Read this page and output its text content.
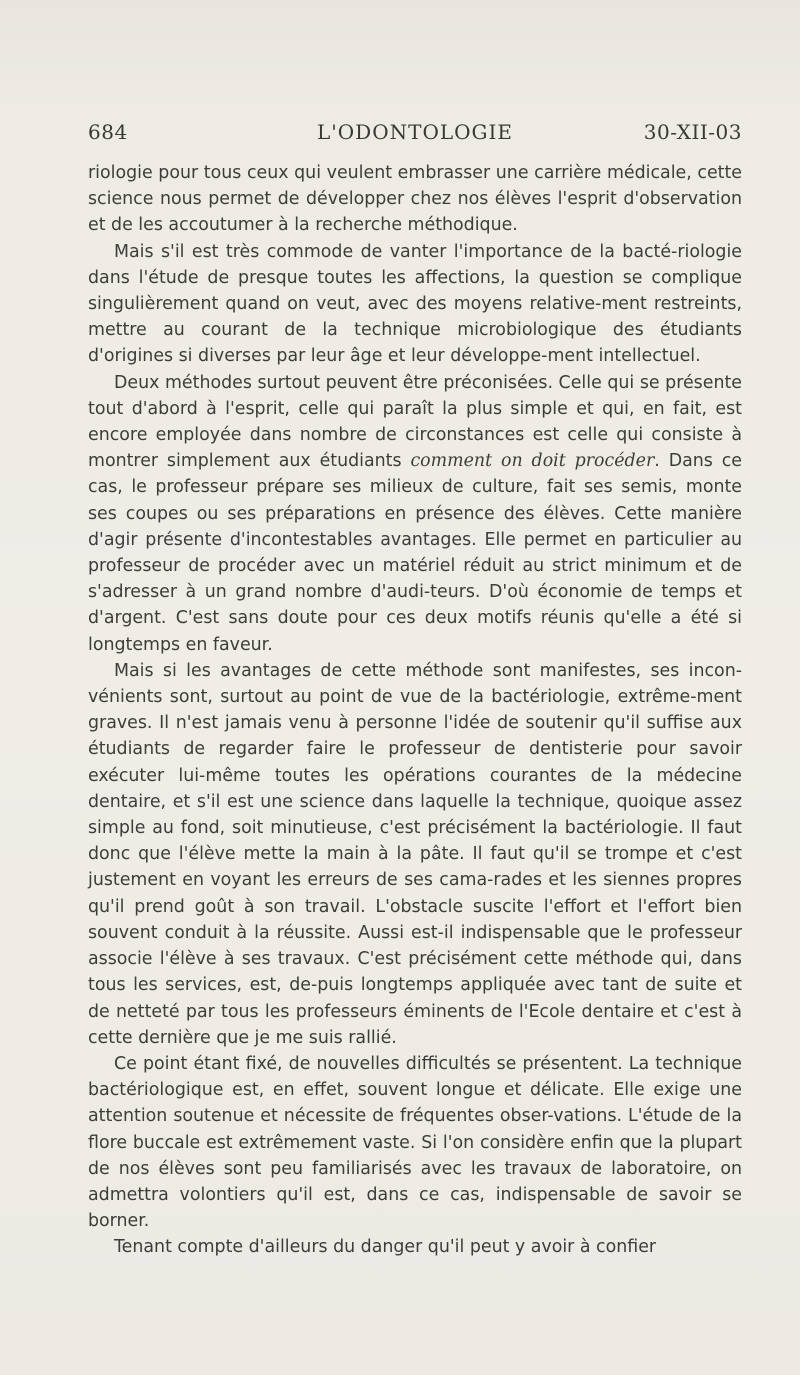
684	L'ODONTOLOGIE	30-XII-03

riologie pour tous ceux qui veulent embrasser une carrière médicale, cette science nous permet de développer chez nos élèves l'esprit d'observation et de les accoutumer à la recherche méthodique.

Mais s'il est très commode de vanter l'importance de la bacté-riologie dans l'étude de presque toutes les affections, la question se complique singulièrement quand on veut, avec des moyens relative-ment restreints, mettre au courant de la technique microbiologique des étudiants d'origines si diverses par leur âge et leur développe-ment intellectuel.

Deux méthodes surtout peuvent être préconisées. Celle qui se présente tout d'abord à l'esprit, celle qui paraît la plus simple et qui, en fait, est encore employée dans nombre de circonstances est celle qui consiste à montrer simplement aux étudiants comment on doit procéder. Dans ce cas, le professeur prépare ses milieux de culture, fait ses semis, monte ses coupes ou ses préparations en présence des élèves. Cette manière d'agir présente d'incontestables avantages. Elle permet en particulier au professeur de procéder avec un matériel réduit au strict minimum et de s'adresser à un grand nombre d'audi-teurs. D'où économie de temps et d'argent. C'est sans doute pour ces deux motifs réunis qu'elle a été si longtemps en faveur.

Mais si les avantages de cette méthode sont manifestes, ses incon-vénients sont, surtout au point de vue de la bactériologie, extrême-ment graves. Il n'est jamais venu à personne l'idée de soutenir qu'il suffise aux étudiants de regarder faire le professeur de dentisterie pour savoir exécuter lui-même toutes les opérations courantes de la médecine dentaire, et s'il est une science dans laquelle la technique, quoique assez simple au fond, soit minutieuse, c'est précisément la bactériologie. Il faut donc que l'élève mette la main à la pâte. Il faut qu'il se trompe et c'est justement en voyant les erreurs de ses cama-rades et les siennes propres qu'il prend goût à son travail. L'obstacle suscite l'effort et l'effort bien souvent conduit à la réussite. Aussi est-il indispensable que le professeur associe l'élève à ses travaux. C'est précisément cette méthode qui, dans tous les services, est, de-puis longtemps appliquée avec tant de suite et de netteté par tous les professeurs éminents de l'Ecole dentaire et c'est à cette dernière que je me suis rallié.

Ce point étant fixé, de nouvelles difficultés se présentent. La technique bactériologique est, en effet, souvent longue et délicate. Elle exige une attention soutenue et nécessite de fréquentes obser-vations. L'étude de la flore buccale est extrêmement vaste. Si l'on considère enfin que la plupart de nos élèves sont peu familiarisés avec les travaux de laboratoire, on admettra volontiers qu'il est, dans ce cas, indispensable de savoir se borner.

Tenant compte d'ailleurs du danger qu'il peut y avoir à confier
